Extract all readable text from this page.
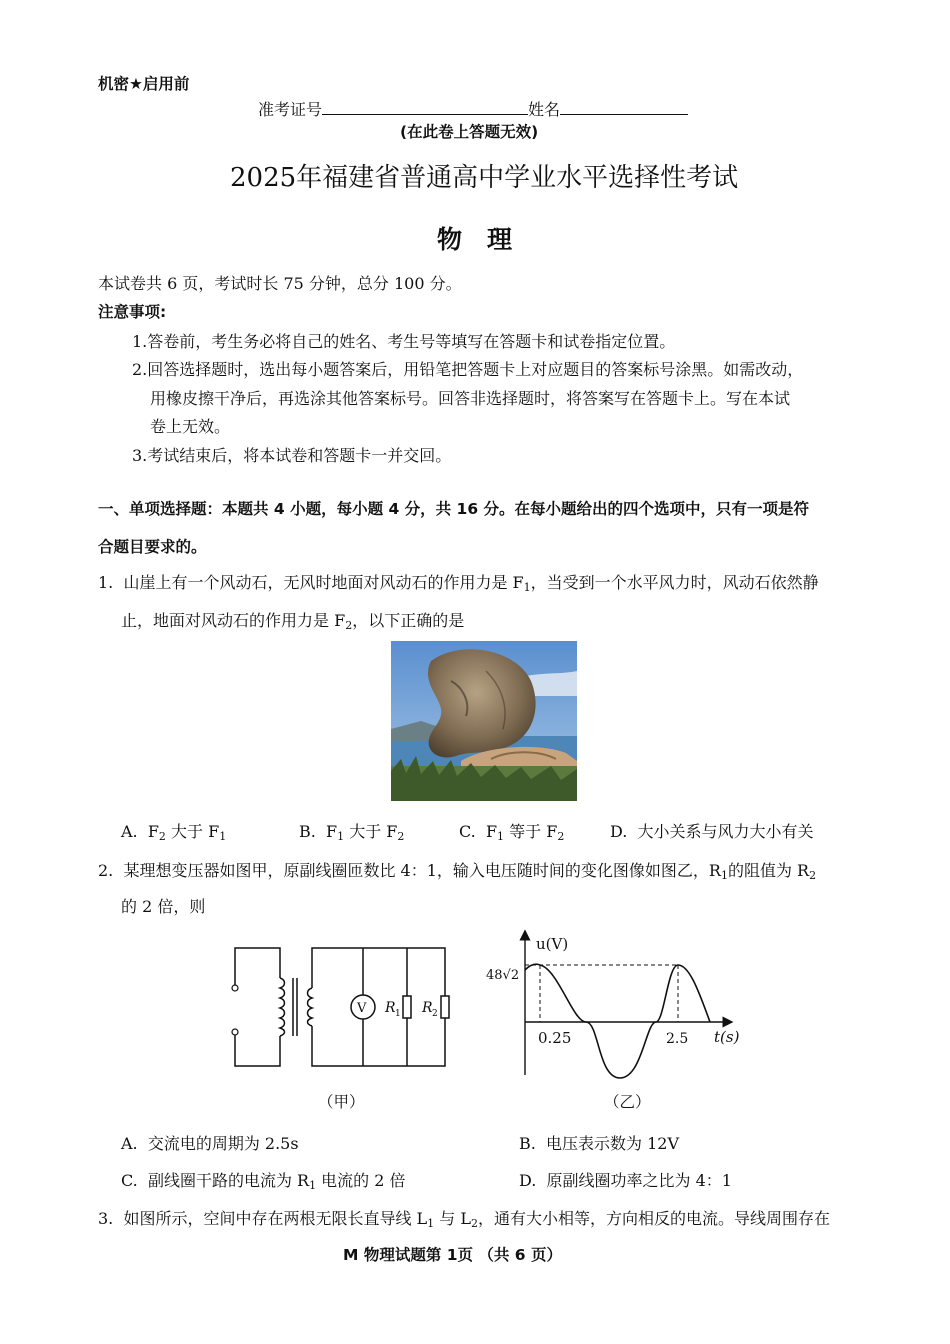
机密★启用前
准考证号	姓名
(在此卷上答题无效)
2025年福建省普通高中学业水平选择性考试
物　理
本试卷共 6 页，考试时长 75 分钟，总分 100 分。
注意事项:
1.答卷前，考生务必将自己的姓名、考生号等填写在答题卡和试卷指定位置。
2.回答选择题时，选出每小题答案后，用铅笔把答题卡上对应题目的答案标号涂黑。如需改动，
用橡皮擦干净后，再选涂其他答案标号。回答非选择题时，将答案写在答题卡上。写在本试
卷上无效。
3.考试结束后，将本试卷和答题卡一并交回。
一、单项选择题：本题共 4 小题，每小题 4 分，共 16 分。在每小题给出的四个选项中，只有一项是符
合题目要求的。
1. 山崖上有一个风动石，无风时地面对风动石的作用力是 $F_1$，当受到一个水平风力时，风动石依然静
止，地面对风动石的作用力是 $F_2$，以下正确的是
A. $F_2$ 大于 $F_1$	B. $F_1$ 大于 $F_2$	C. $F_1$ 等于 $F_2$	D. 大小关系与风力大小有关
2. 某理想变压器如图甲，原副线圈匝数比 4：1，输入电压随时间的变化图像如图乙，$R_1$的阻值为 $R_2$
的 2 倍，则
V R 1 R 2
（甲）
u(V)
48√2
t(s)
0.25	2.5
（乙）
A. 交流电的周期为 2.5s	B. 电压表示数为 12V
C. 副线圈干路的电流为 $R_1$ 电流的 2 倍	D. 原副线圈功率之比为 4：1
3. 如图所示，空间中存在两根无限长直导线 $L_1$ 与 $L_2$，通有大小相等，方向相反的电流。导线周围存在
M 物理试题第 1页 （共 6 页）
